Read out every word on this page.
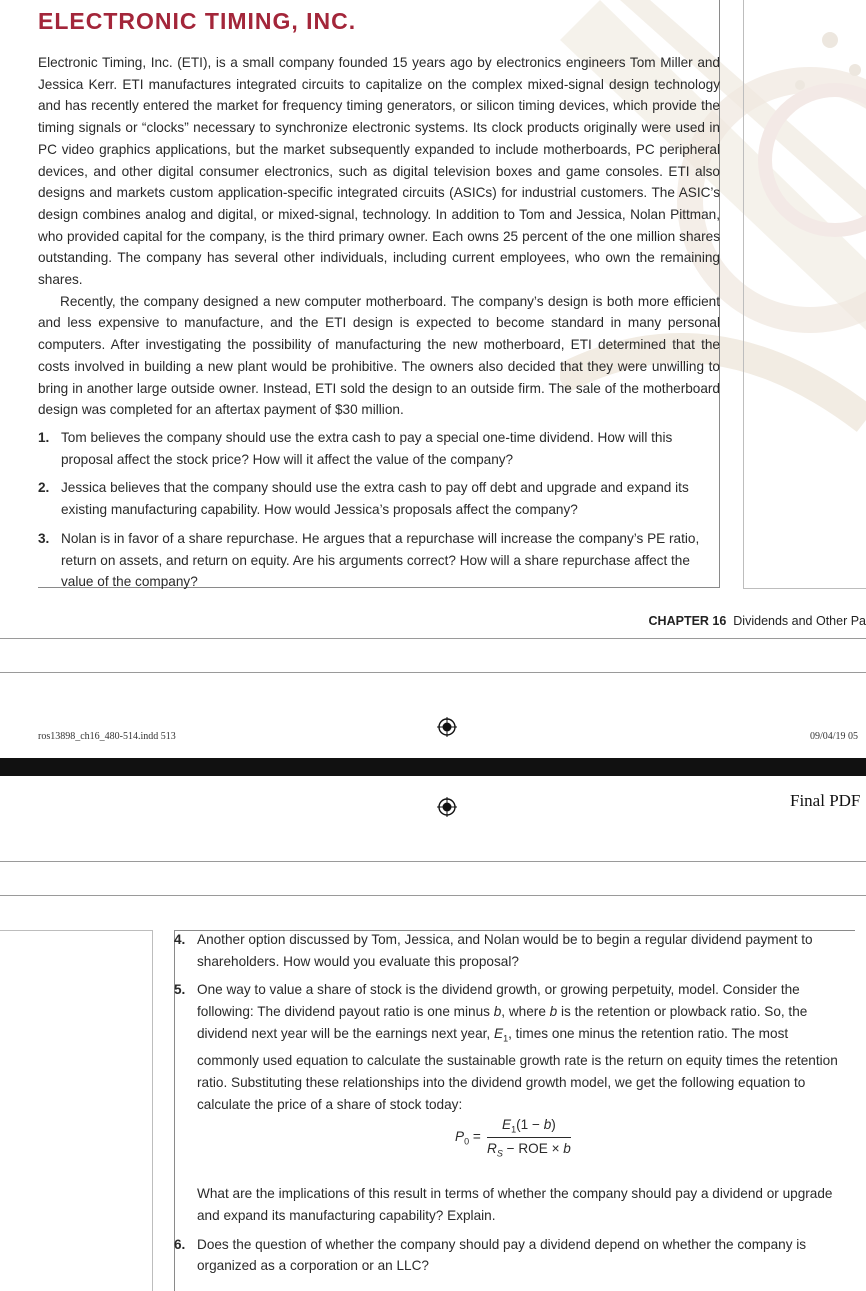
ELECTRONIC TIMING, INC.

Electronic Timing, Inc. (ETI), is a small company founded 15 years ago by electronics engineers Tom Miller and Jessica Kerr. ETI manufactures integrated circuits to capitalize on the complex mixed-signal design technology and has recently entered the market for frequency timing generators, or silicon timing devices, which provide the timing signals or “clocks” necessary to synchronize electronic systems. Its clock products originally were used in PC video graphics applications, but the market subsequently expanded to include motherboards, PC peripheral devices, and other digital consumer electronics, such as digital television boxes and game consoles. ETI also designs and markets custom application-specific integrated circuits (ASICs) for industrial customers. The ASIC’s design combines analog and digital, or mixed-signal, technology. In addition to Tom and Jessica, Nolan Pittman, who provided capital for the company, is the third primary owner. Each owns 25 percent of the one million shares outstanding. The company has several other individuals, including current employees, who own the remaining shares.

Recently, the company designed a new computer motherboard. The company’s design is both more efficient and less expensive to manufacture, and the ETI design is expected to become standard in many personal computers. After investigating the possibility of manufacturing the new motherboard, ETI determined that the costs involved in building a new plant would be prohibitive. The owners also decided that they were unwilling to bring in another large outside owner. Instead, ETI sold the design to an outside firm. The sale of the motherboard design was completed for an aftertax payment of $30 million.

1. Tom believes the company should use the extra cash to pay a special one-time dividend. How will this proposal affect the stock price? How will it affect the value of the company?
2. Jessica believes that the company should use the extra cash to pay off debt and upgrade and expand its existing manufacturing capability. How would Jessica’s proposals affect the company?
3. Nolan is in favor of a share repurchase. He argues that a repurchase will increase the company’s PE ratio, return on assets, and return on equity. Are his arguments correct? How will a share repurchase affect the value of the company?
CHAPTER 16 Dividends and Other Pa
ros13898_ch16_480-514.indd 513	09/04/19 05
Final PDF
4. Another option discussed by Tom, Jessica, and Nolan would be to begin a regular dividend payment to shareholders. How would you evaluate this proposal?
5. One way to value a share of stock is the dividend growth, or growing perpetuity, model. Consider the following: The dividend payout ratio is one minus b, where b is the retention or plowback ratio. So, the dividend next year will be the earnings next year, $E_1$, times one minus the retention ratio. The most commonly used equation to calculate the sustainable growth rate is the return on equity times the retention ratio. Substituting these relationships into the dividend growth model, we get the following equation to calculate the price of a share of stock today:
What are the implications of this result in terms of whether the company should pay a dividend or upgrade and expand its manufacturing capability? Explain.
6. Does the question of whether the company should pay a dividend depend on whether the company is organized as a corporation or an LLC?
$P_0$ =
$E_1(1 - b)$
$R_S$ − ROE × b
